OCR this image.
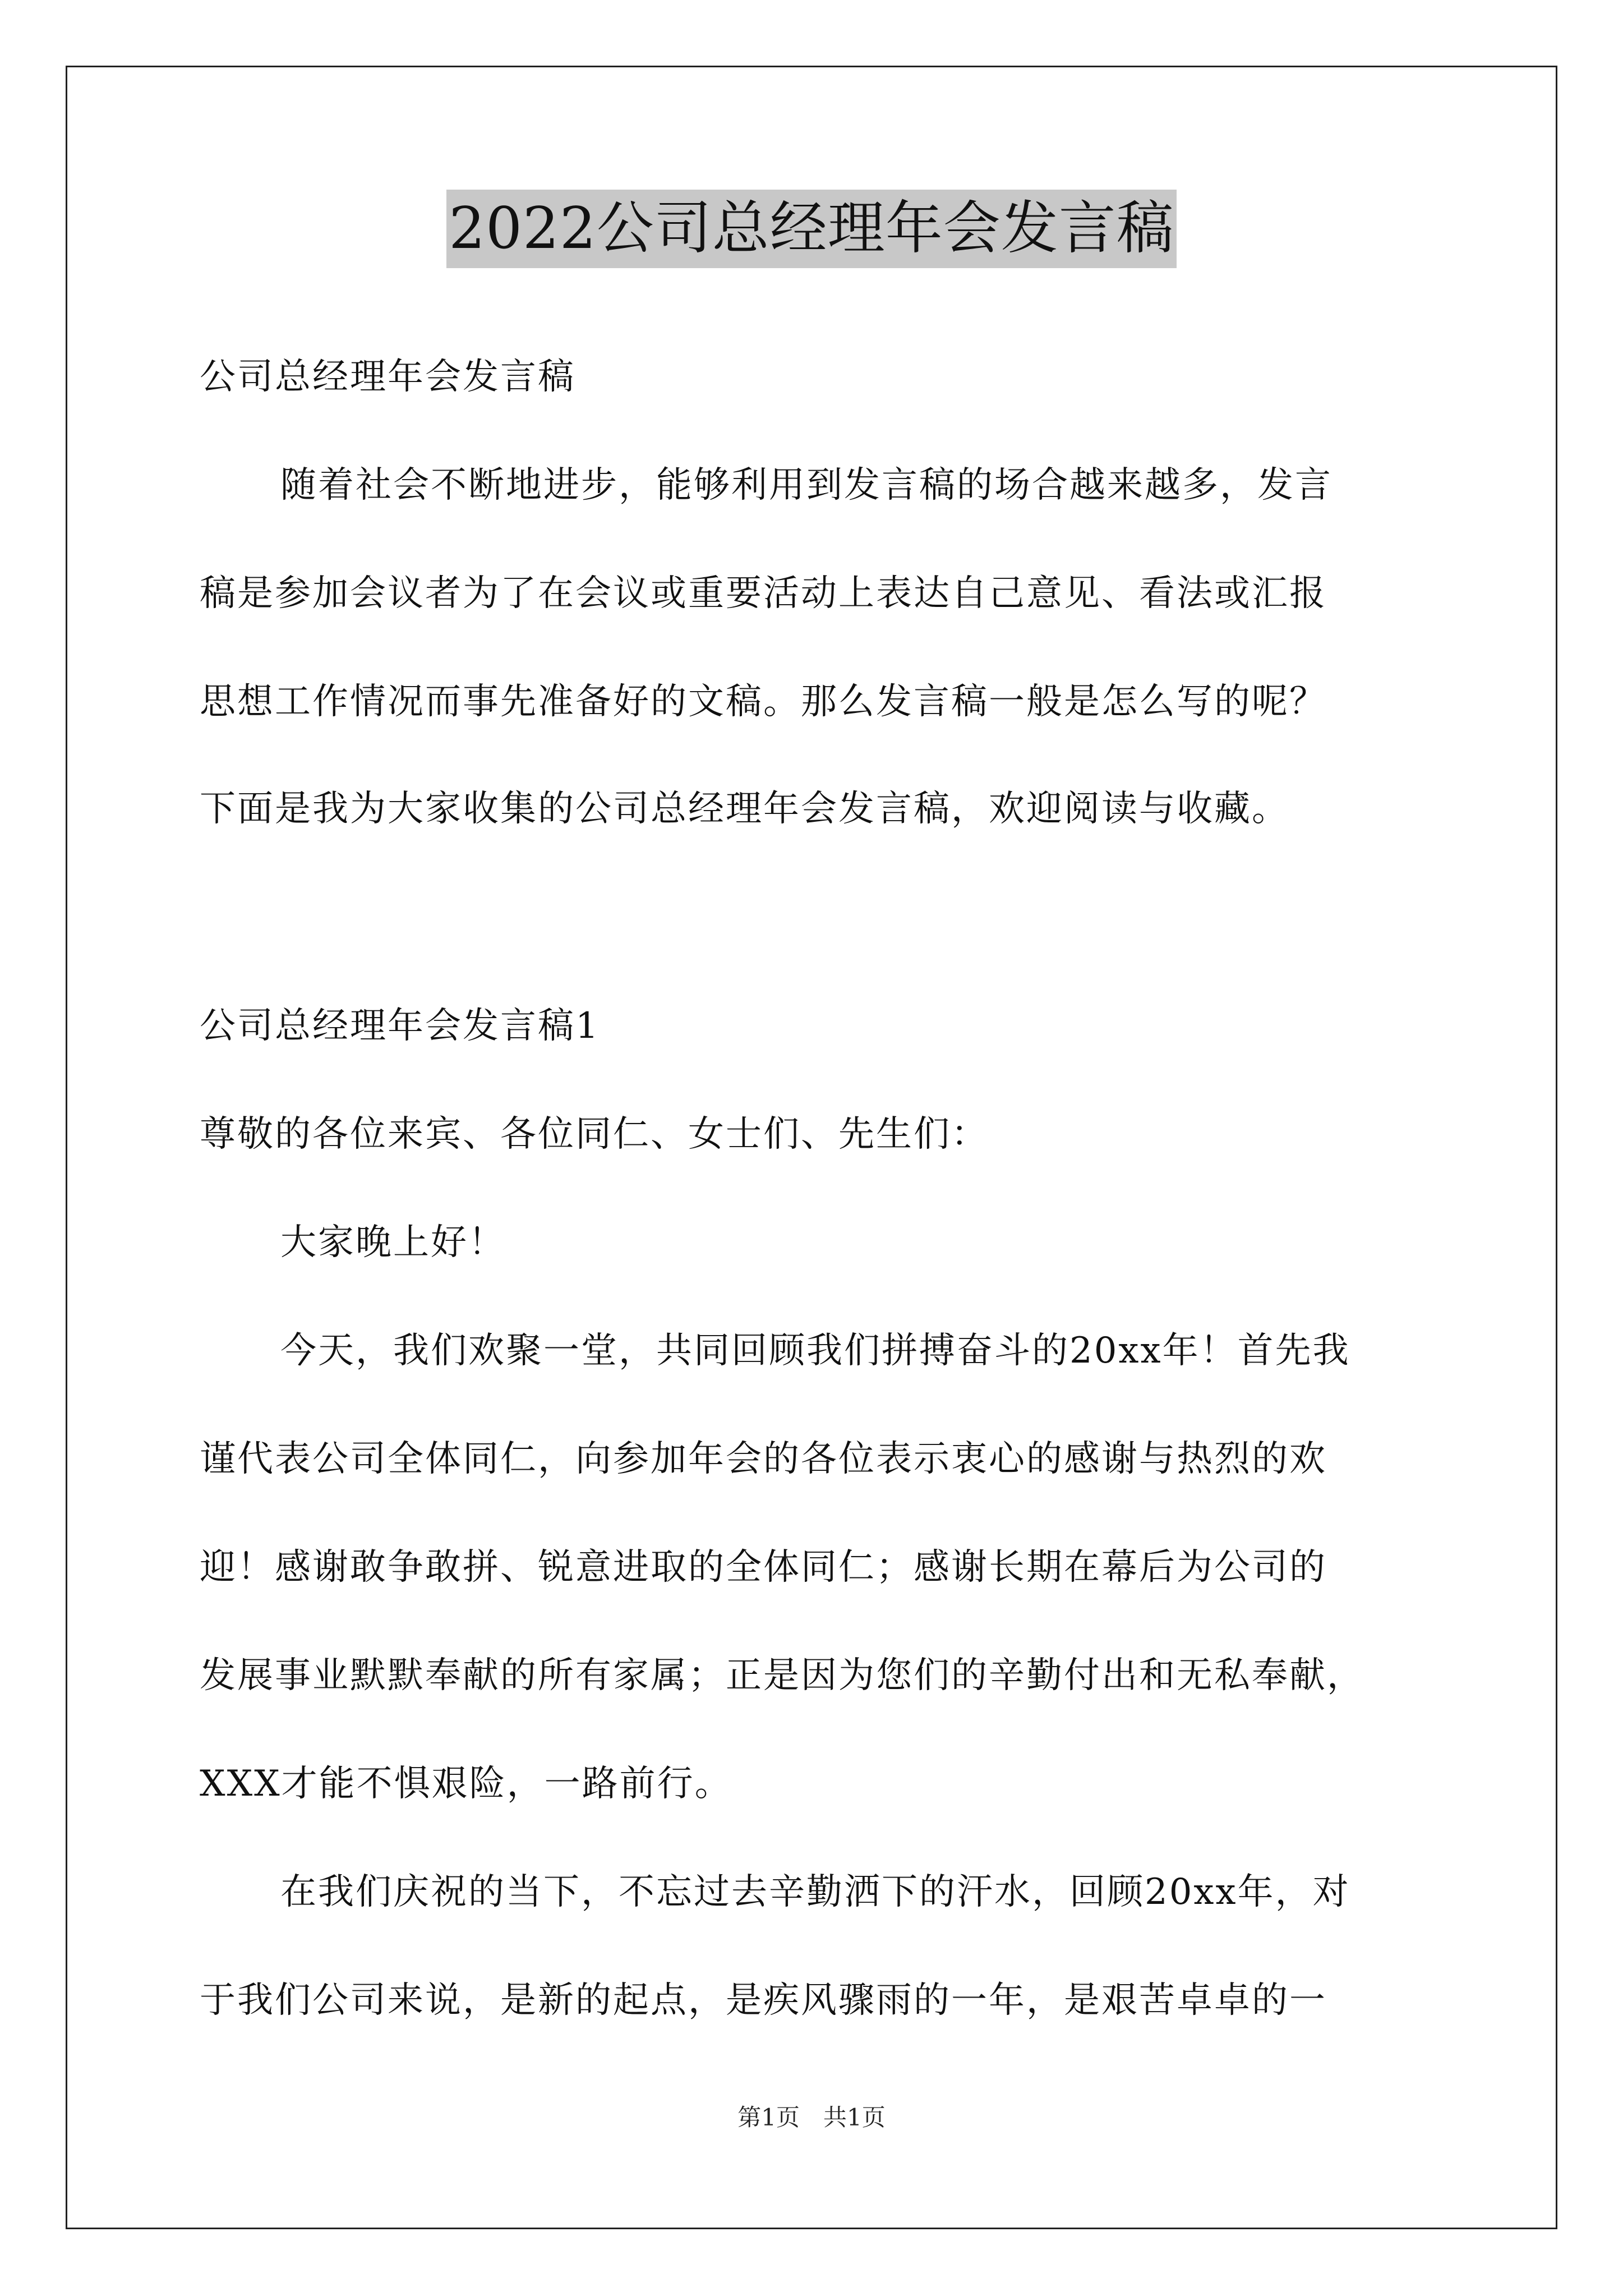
2022公司总经理年会发言稿
公司总经理年会发言稿
随着社会不断地进步，能够利用到发言稿的场合越来越多，发言
稿是参加会议者为了在会议或重要活动上表达自己意见、看法或汇报
思想工作情况而事先准备好的文稿。那么发言稿一般是怎么写的呢？
下面是我为大家收集的公司总经理年会发言稿，欢迎阅读与收藏。
公司总经理年会发言稿1
尊敬的各位来宾、各位同仁、女士们、先生们：
大家晚上好！
今天，我们欢聚一堂，共同回顾我们拼搏奋斗的20xx年！首先我
谨代表公司全体同仁，向参加年会的各位表示衷心的感谢与热烈的欢
迎！感谢敢争敢拼、锐意进取的全体同仁；感谢长期在幕后为公司的
发展事业默默奉献的所有家属；正是因为您们的辛勤付出和无私奉献，
XXX才能不惧艰险，一路前行。
在我们庆祝的当下，不忘过去辛勤洒下的汗水，回顾20xx年，对
于我们公司来说，是新的起点，是疾风骤雨的一年，是艰苦卓卓的一
第1页　共1页
